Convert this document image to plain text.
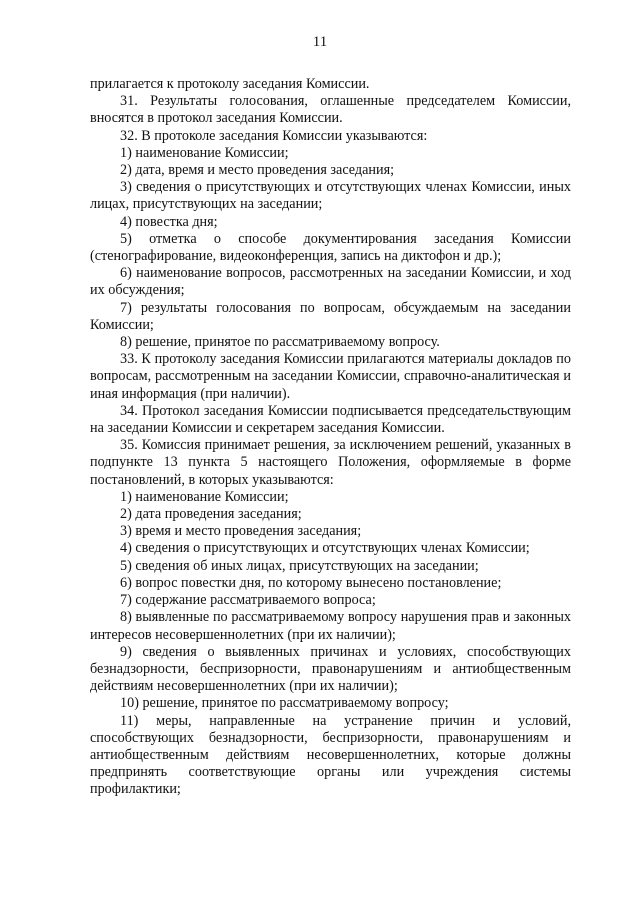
11

прилагается к протоколу заседания Комиссии.

31. Результаты голосования, оглашенные председателем Комиссии, вносятся в протокол заседания Комиссии.

32. В протоколе заседания Комиссии указываются:

1) наименование Комиссии;

2) дата, время и место проведения заседания;

3) сведения о присутствующих и отсутствующих членах Комиссии, иных лицах, присутствующих на заседании;

4) повестка дня;

5) отметка о способе документирования заседания Комиссии (стенографирование, видеоконференция, запись на диктофон и др.);

6) наименование вопросов, рассмотренных на заседании Комиссии, и ход их обсуждения;

7) результаты голосования по вопросам, обсуждаемым на заседании Комиссии;

8) решение, принятое по рассматриваемому вопросу.

33. К протоколу заседания Комиссии прилагаются материалы докладов по вопросам, рассмотренным на заседании Комиссии, справочно-аналитическая и иная информация (при наличии).

34. Протокол заседания Комиссии подписывается председательствующим на заседании Комиссии и секретарем заседания Комиссии.

35. Комиссия принимает решения, за исключением решений, указанных в подпункте 13 пункта 5 настоящего Положения, оформляемые в форме постановлений, в которых указываются:

1) наименование Комиссии;

2) дата проведения заседания;

3) время и место проведения заседания;

4) сведения о присутствующих и отсутствующих членах Комиссии;

5) сведения об иных лицах, присутствующих на заседании;

6) вопрос повестки дня, по которому вынесено постановление;

7) содержание рассматриваемого вопроса;

8) выявленные по рассматриваемому вопросу нарушения прав и законных интересов несовершеннолетних (при их наличии);

9) сведения о выявленных причинах и условиях, способствующих безнадзорности, беспризорности, правонарушениям и антиобщественным действиям несовершеннолетних (при их наличии);

10) решение, принятое по рассматриваемому вопросу;

11) меры, направленные на устранение причин и условий, способствующих безнадзорности, беспризорности, правонарушениям и антиобщественным действиям несовершеннолетних, которые должны предпринять соответствующие органы или учреждения системы профилактики;
